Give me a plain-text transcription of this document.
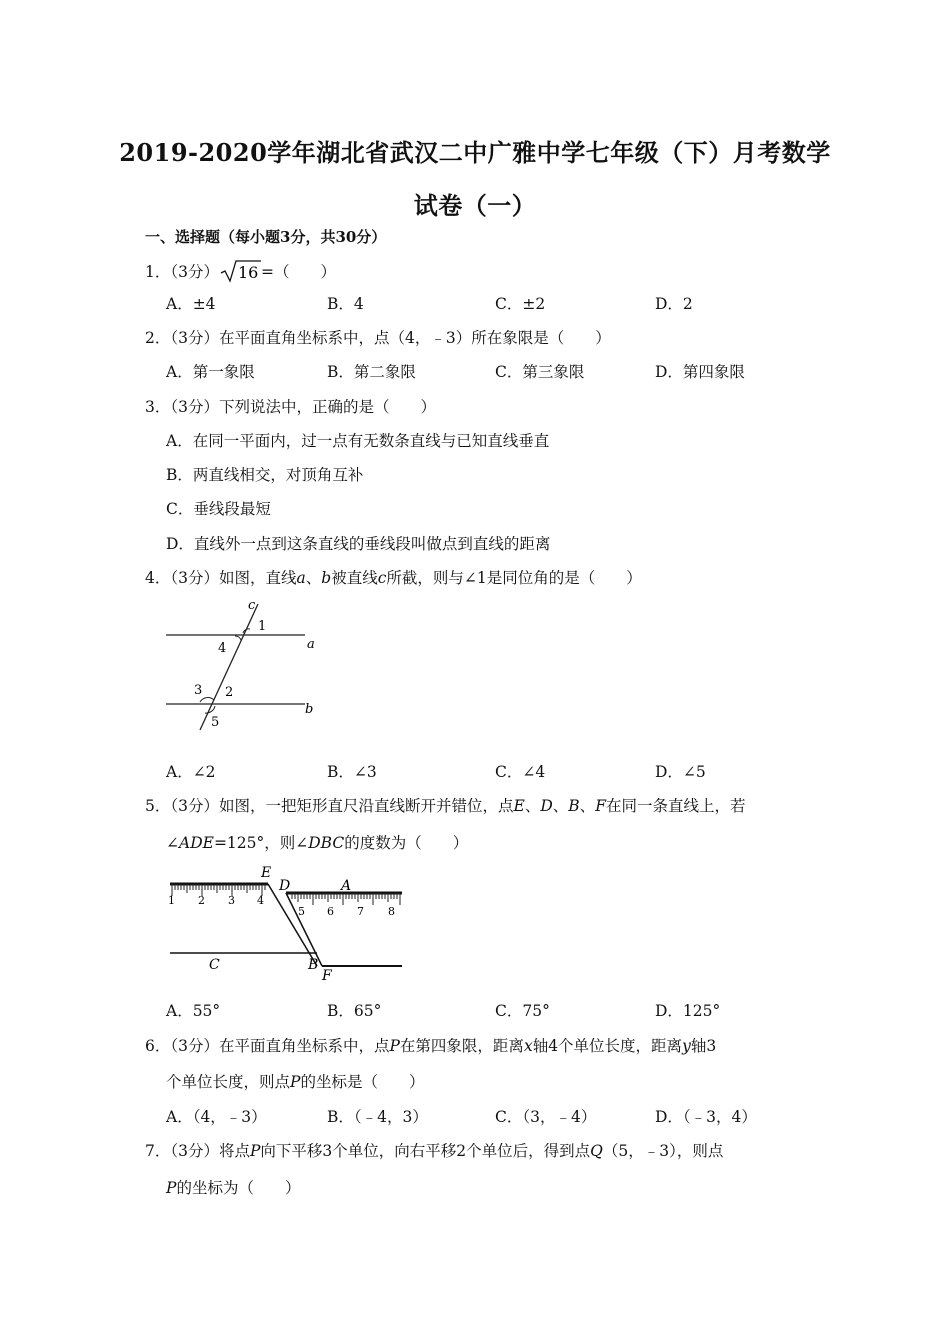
2019-2020学年湖北省武汉二中广雅中学七年级（下）月考数学
试卷（一）
一、选择题（每小题3分，共30分）
1．（3分） 16 =（　　）
A．±4	B．4	C．±2	D．2
2．（3分）在平面直角坐标系中，点（4，﹣3）所在象限是（　　）
A．第一象限	B．第二象限	C．第三象限	D．第四象限
3．（3分）下列说法中，正确的是（　　）
A．在同一平面内，过一点有无数条直线与已知直线垂直
B．两直线相交，对顶角互补
C．垂线段最短
D．直线外一点到这条直线的垂线段叫做点到直线的距离
4．（3分）如图，直线a、b被直线c所截，则与∠1是同位角的是（　　）
c
1
4	a
3 2
b
5
A．∠2	B．∠3	C．∠4	D．∠5
5．（3分）如图，一把矩形直尺沿直线断开并错位，点E、D、B、F在同一条直线上，若
∠ADE=125°，则∠DBC的度数为（　　）
1 2 3 4
5 6 7 8
E
D	A
C	B
F
A．55°	B．65°	C．75°	D．125°
6．（3分）在平面直角坐标系中，点P在第四象限，距离x轴4个单位长度，距离y轴3
个单位长度，则点P的坐标是（　　）
A．（4，﹣3）	B．（﹣4，3）	C．（3，﹣4）	D．（﹣3，4）
7．（3分）将点P向下平移3个单位，向右平移2个单位后，得到点Q（5，﹣3），则点
P的坐标为（　　）
